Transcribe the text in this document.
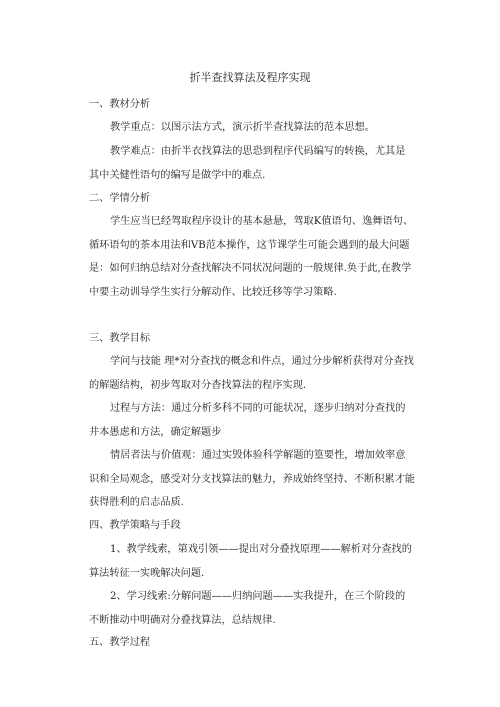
折半查找算法及程序实现

一、教材分析

教学重点：以图示法方式，演示折半查找算法的范本思想。

教学难点：由折半衣找算法的思恐到程序代码编写的转换，尤其是其中关健性语句的编写是做学中的难点.

二、学情分析

学生应当巳经驾取程序设计的基本悬悬，驾取K值语句、逸舞语句、循环语句的茶本用法和VB范本操作，这节课学生可能会遇到的最大问题是：如何归纳总结对分查找解决不同状况问题的一般规律.奂于此,在教学中要主动训导学生实行分解动作、比较迁移等学习策略.

三、教学目标

学问与技能 理*对分查找的概念和件点，通过分步解析获得对分查找的解题结构，初步驾取对分杳找算法的程序实现.

过程与方法：通过分析多科不同的可能状况，逐步归纳对分查找的井本愚虑和方法，确定解题步

情居者法与价值观：通过实毁体验科学解题的篁要性，增加效率意识和全局观念，感受对分支找算法的魅力，养成始终坚持、不断积累才能获得胜利的启志品质.

四、教学策略与手段

1、教学线索，第戏引领——提出对分叠找原理——解析对分查找的算法转征一实晚解决问题.

2、学习线索:分解问题——归纳问题——实我提升，在三个阶段的不断推动中明确对分叠找算法，总结规律.

五、教学过程
